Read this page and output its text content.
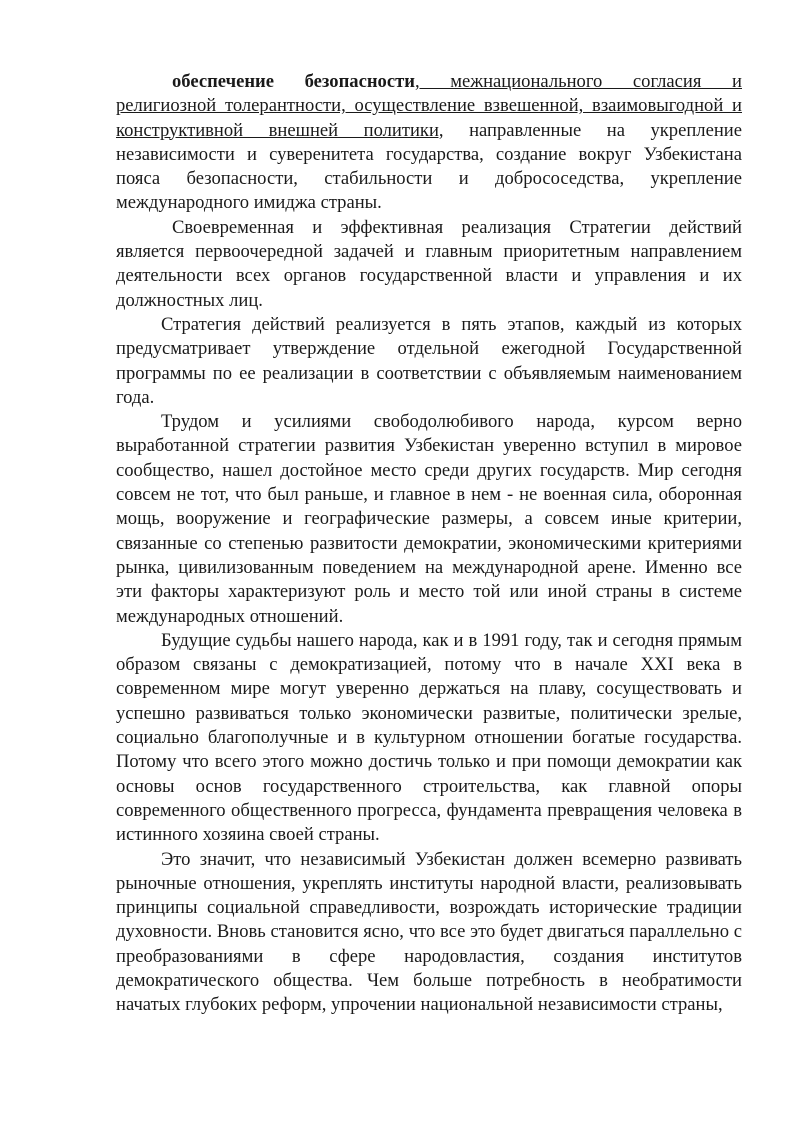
обеспечение безопасности, межнационального согласия и религиозной толерантности, осуществление взвешенной, взаимовыгодной и конструктивной внешней политики, направленные на укрепление независимости и суверенитета государства, создание вокруг Узбекистана пояса безопасности, стабильности и добрососедства, укрепление международного имиджа страны.

Своевременная и эффективная реализация Стратегии действий является первоочередной задачей и главным приоритетным направлением деятельности всех органов государственной власти и управления и их должностных лиц.

Стратегия действий реализуется в пять этапов, каждый из которых предусматривает утверждение отдельной ежегодной Государственной программы по ее реализации в соответствии с объявляемым наименованием года.

Трудом и усилиями свободолюбивого народа, курсом верно выработанной стратегии развития Узбекистан уверенно вступил в мировое сообщество, нашел достойное место среди других государств. Мир сегодня совсем не тот, что был раньше, и главное в нем - не военная сила, оборонная мощь, вооружение и географические размеры, а совсем иные критерии, связанные со степенью развитости демократии, экономическими критериями рынка, цивилизованным поведением на международной арене. Именно все эти факторы характеризуют роль и место той или иной страны в системе международных отношений.

Будущие судьбы нашего народа, как и в 1991 году, так и сегодня прямым образом связаны с демократизацией, потому что в начале XXI века в современном мире могут уверенно держаться на плаву, сосуществовать и успешно развиваться только экономически развитые, политически зрелые, социально благополучные и в культурном отношении богатые государства. Потому что всего этого можно достичь только и при помощи демократии как основы основ государственного строительства, как главной опоры современного общественного прогресса, фундамента превращения человека в истинного хозяина своей страны.

Это значит, что независимый Узбекистан должен всемерно развивать рыночные отношения, укреплять институты народной власти, реализовывать принципы социальной справедливости, возрождать исторические традиции духовности. Вновь становится ясно, что все это будет двигаться параллельно с преобразованиями в сфере народовластия, создания институтов демократического общества. Чем больше потребность в необратимости начатых глубоких реформ, упрочении национальной независимости страны,
